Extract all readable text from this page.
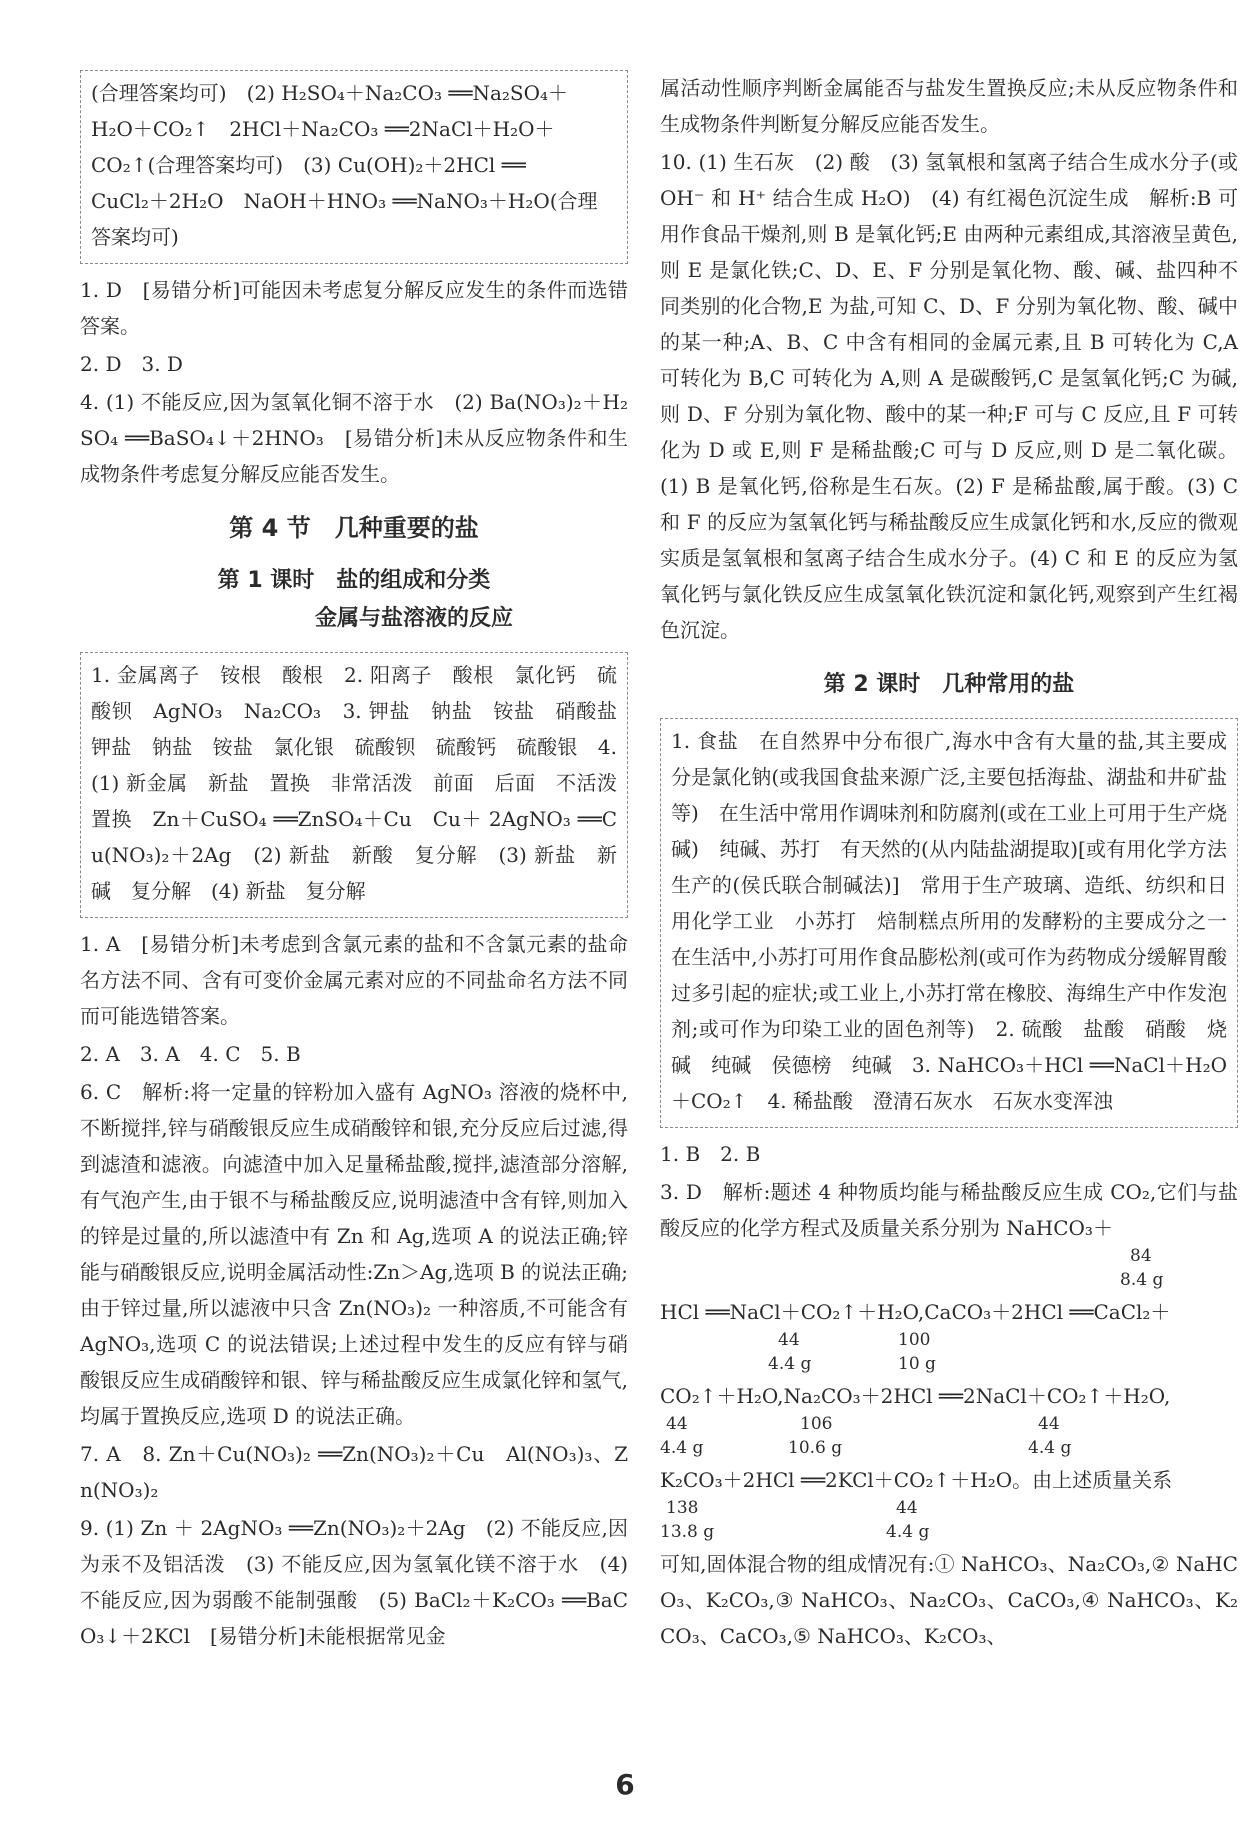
(合理答案均可)　(2) H₂SO₄＋Na₂CO₃ ══Na₂SO₄＋

H₂O＋CO₂↑　2HCl＋Na₂CO₃ ══2NaCl＋H₂O＋

CO₂↑(合理答案均可)　(3) Cu(OH)₂＋2HCl ══

CuCl₂＋2H₂O　NaOH＋HNO₃ ══NaNO₃＋H₂O(合理

答案均可)

1. D　[易错分析]可能因未考虑复分解反应发生的条件而选错答案。

2. D　3. D

4. (1) 不能反应,因为氢氧化铜不溶于水　(2) Ba(NO₃)₂＋H₂SO₄ ══BaSO₄↓＋2HNO₃　[易错分析]未从反应物条件和生成物条件考虑复分解反应能否发生。

第 4 节　几种重要的盐
第 1 课时　盐的组成和分类
金属与盐溶液的反应

1. 金属离子　铵根　酸根　2. 阳离子　酸根　氯化钙　硫酸钡　AgNO₃　Na₂CO₃　3. 钾盐　钠盐　铵盐　硝酸盐　钾盐　钠盐　铵盐　氯化银　硫酸钡　硫酸钙　硫酸银　4. (1) 新金属　新盐　置换　非常活泼　前面　后面　不活泼　置换　Zn＋CuSO₄ ══ZnSO₄＋Cu　Cu＋ 2AgNO₃ ══Cu(NO₃)₂＋2Ag　(2) 新盐　新酸　复分解　(3) 新盐　新碱　复分解　(4) 新盐　复分解

1. A　[易错分析]未考虑到含氯元素的盐和不含氯元素的盐命名方法不同、含有可变价金属元素对应的不同盐命名方法不同而可能选错答案。

2. A　3. A　4. C　5. B

6. C　解析:将一定量的锌粉加入盛有 AgNO₃ 溶液的烧杯中,不断搅拌,锌与硝酸银反应生成硝酸锌和银,充分反应后过滤,得到滤渣和滤液。向滤渣中加入足量稀盐酸,搅拌,滤渣部分溶解,有气泡产生,由于银不与稀盐酸反应,说明滤渣中含有锌,则加入的锌是过量的,所以滤渣中有 Zn 和 Ag,选项 A 的说法正确;锌能与硝酸银反应,说明金属活动性:Zn＞Ag,选项 B 的说法正确;由于锌过量,所以滤液中只含 Zn(NO₃)₂ 一种溶质,不可能含有 AgNO₃,选项 C 的说法错误;上述过程中发生的反应有锌与硝酸银反应生成硝酸锌和银、锌与稀盐酸反应生成氯化锌和氢气,均属于置换反应,选项 D 的说法正确。

7. A　8. Zn＋Cu(NO₃)₂ ══Zn(NO₃)₂＋Cu　Al(NO₃)₃、Zn(NO₃)₂

9. (1) Zn ＋ 2AgNO₃ ══Zn(NO₃)₂＋2Ag　(2) 不能反应,因为汞不及铝活泼　(3) 不能反应,因为氢氧化镁不溶于水　(4) 不能反应,因为弱酸不能制强酸　(5) BaCl₂＋K₂CO₃ ══BaCO₃↓＋2KCl　[易错分析]未能根据常见金

属活动性顺序判断金属能否与盐发生置换反应;未从反应物条件和生成物条件判断复分解反应能否发生。

10. (1) 生石灰　(2) 酸　(3) 氢氧根和氢离子结合生成水分子(或 OH⁻ 和 H⁺ 结合生成 H₂O)　(4) 有红褐色沉淀生成　解析:B 可用作食品干燥剂,则 B 是氧化钙;E 由两种元素组成,其溶液呈黄色,则 E 是氯化铁;C、D、E、F 分别是氧化物、酸、碱、盐四种不同类别的化合物,E 为盐,可知 C、D、F 分别为氧化物、酸、碱中的某一种;A、B、C 中含有相同的金属元素,且 B 可转化为 C,A 可转化为 B,C 可转化为 A,则 A 是碳酸钙,C 是氢氧化钙;C 为碱,则 D、F 分别为氧化物、酸中的某一种;F 可与 C 反应,且 F 可转化为 D 或 E,则 F 是稀盐酸;C 可与 D 反应,则 D 是二氧化碳。(1) B 是氧化钙,俗称是生石灰。(2) F 是稀盐酸,属于酸。(3) C 和 F 的反应为氢氧化钙与稀盐酸反应生成氯化钙和水,反应的微观实质是氢氧根和氢离子结合生成水分子。(4) C 和 E 的反应为氢氧化钙与氯化铁反应生成氢氧化铁沉淀和氯化钙,观察到产生红褐色沉淀。

第 2 课时　几种常用的盐

1. 食盐　在自然界中分布很广,海水中含有大量的盐,其主要成分是氯化钠(或我国食盐来源广泛,主要包括海盐、湖盐和井矿盐等)　在生活中常用作调味剂和防腐剂(或在工业上可用于生产烧碱)　纯碱、苏打　有天然的(从内陆盐湖提取)[或有用化学方法生产的(侯氏联合制碱法)]　常用于生产玻璃、造纸、纺织和日用化学工业　小苏打　焙制糕点所用的发酵粉的主要成分之一　在生活中,小苏打可用作食品膨松剂(或可作为药物成分缓解胃酸过多引起的症状;或工业上,小苏打常在橡胶、海绵生产中作发泡剂;或可作为印染工业的固色剂等)　2. 硫酸　盐酸　硝酸　烧碱　纯碱　侯德榜　纯碱　3. NaHCO₃＋HCl ══NaCl＋H₂O＋CO₂↑　4. 稀盐酸　澄清石灰水　石灰水变浑浊

1. B　2. B

3. D　解析:题述 4 种物质均能与稀盐酸反应生成 CO₂,它们与盐酸反应的化学方程式及质量关系分别为 NaHCO₃＋

84
8.4 g

HCl ══NaCl＋CO₂↑＋H₂O,CaCO₃＋2HCl ══CaCl₂＋

44	100
4.4 g	10 g

CO₂↑＋H₂O,Na₂CO₃＋2HCl ══2NaCl＋CO₂↑＋H₂O,

44	106	44
4.4 g	10.6 g	4.4 g

K₂CO₃＋2HCl ══2KCl＋CO₂↑＋H₂O。由上述质量关系

138	44
13.8 g	4.4 g

可知,固体混合物的组成情况有:① NaHCO₃、Na₂CO₃,② NaHCO₃、K₂CO₃,③ NaHCO₃、Na₂CO₃、CaCO₃,④ NaHCO₃、K₂CO₃、CaCO₃,⑤ NaHCO₃、K₂CO₃、

6
